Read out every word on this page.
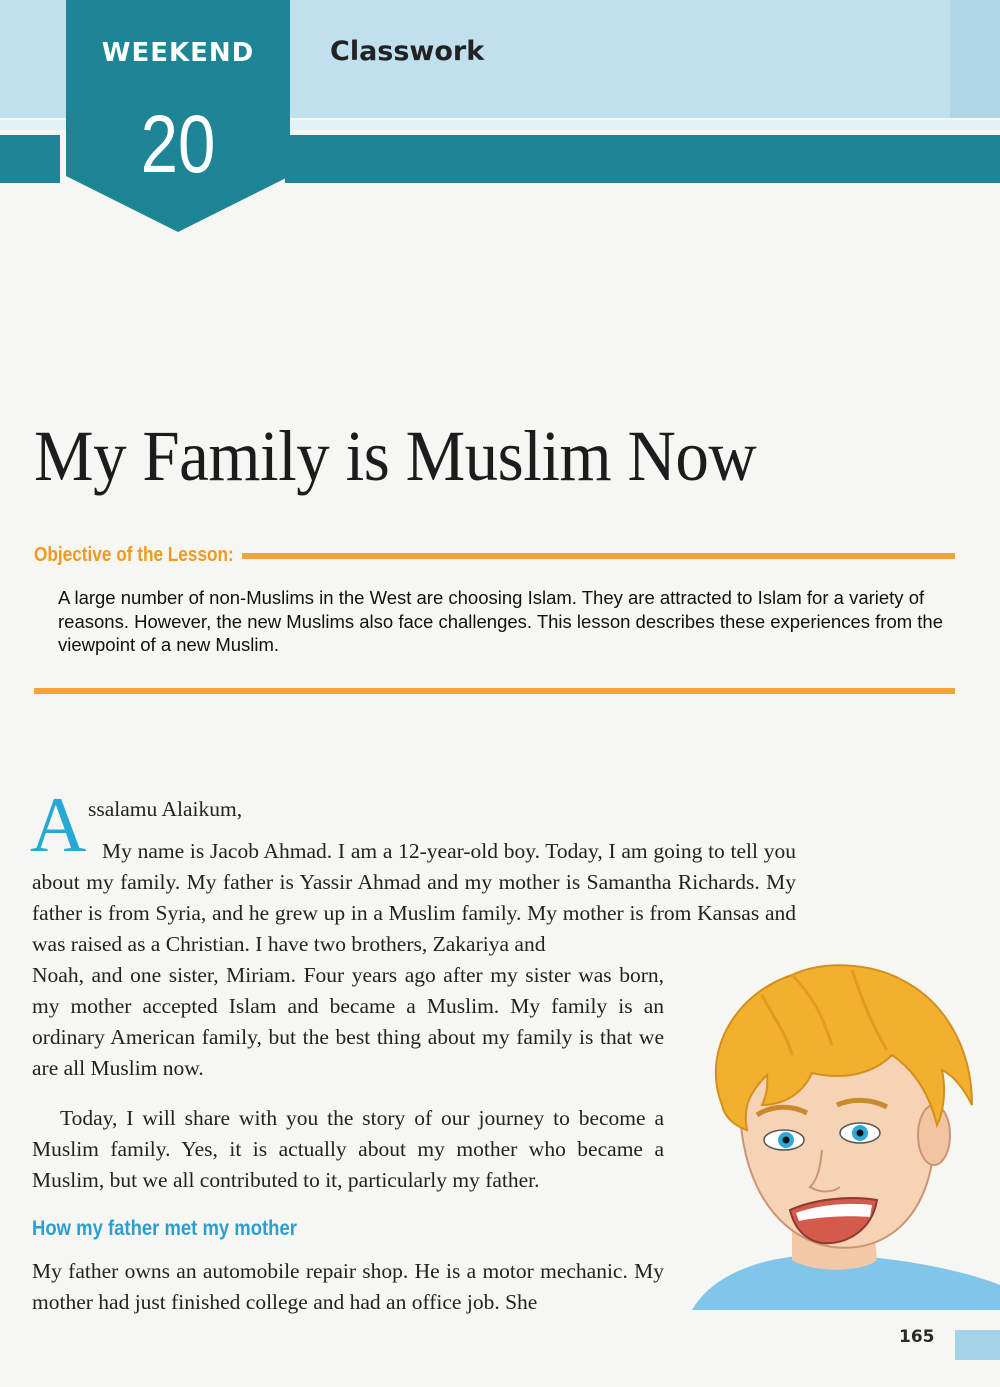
WEEKEND
20
Classwork
My Family is Muslim Now
Objective of the Lesson:
A large number of non-Muslims in the West are choosing Islam. They are attracted to Islam for a variety of reasons. However, the new Muslims also face challenges. This lesson describes these experiences from the viewpoint of a new Muslim.
A ssalamu Alaikum,

My name is Jacob Ahmad. I am a 12-year-old boy. Today, I am going to tell you about my family. My father is Yassir Ahmad and my mother is Samantha Richards. My father is from Syria, and he grew up in a Muslim family. My mother is from Kansas and was raised as a Christian. I have two brothers, Zakariya and

Noah, and one sister, Miriam. Four years ago after my sister was born, my mother accepted Islam and became a Muslim. My family is an ordinary American family, but the best thing about my family is that we are all Muslim now.

Today, I will share with you the story of our journey to become a Muslim family. Yes, it is actually about my mother who became a Muslim, but we all contributed to it, particularly my father.

How my father met my mother

My father owns an automobile repair shop. He is a motor mechanic. My mother had just finished college and had an office job. She

165
